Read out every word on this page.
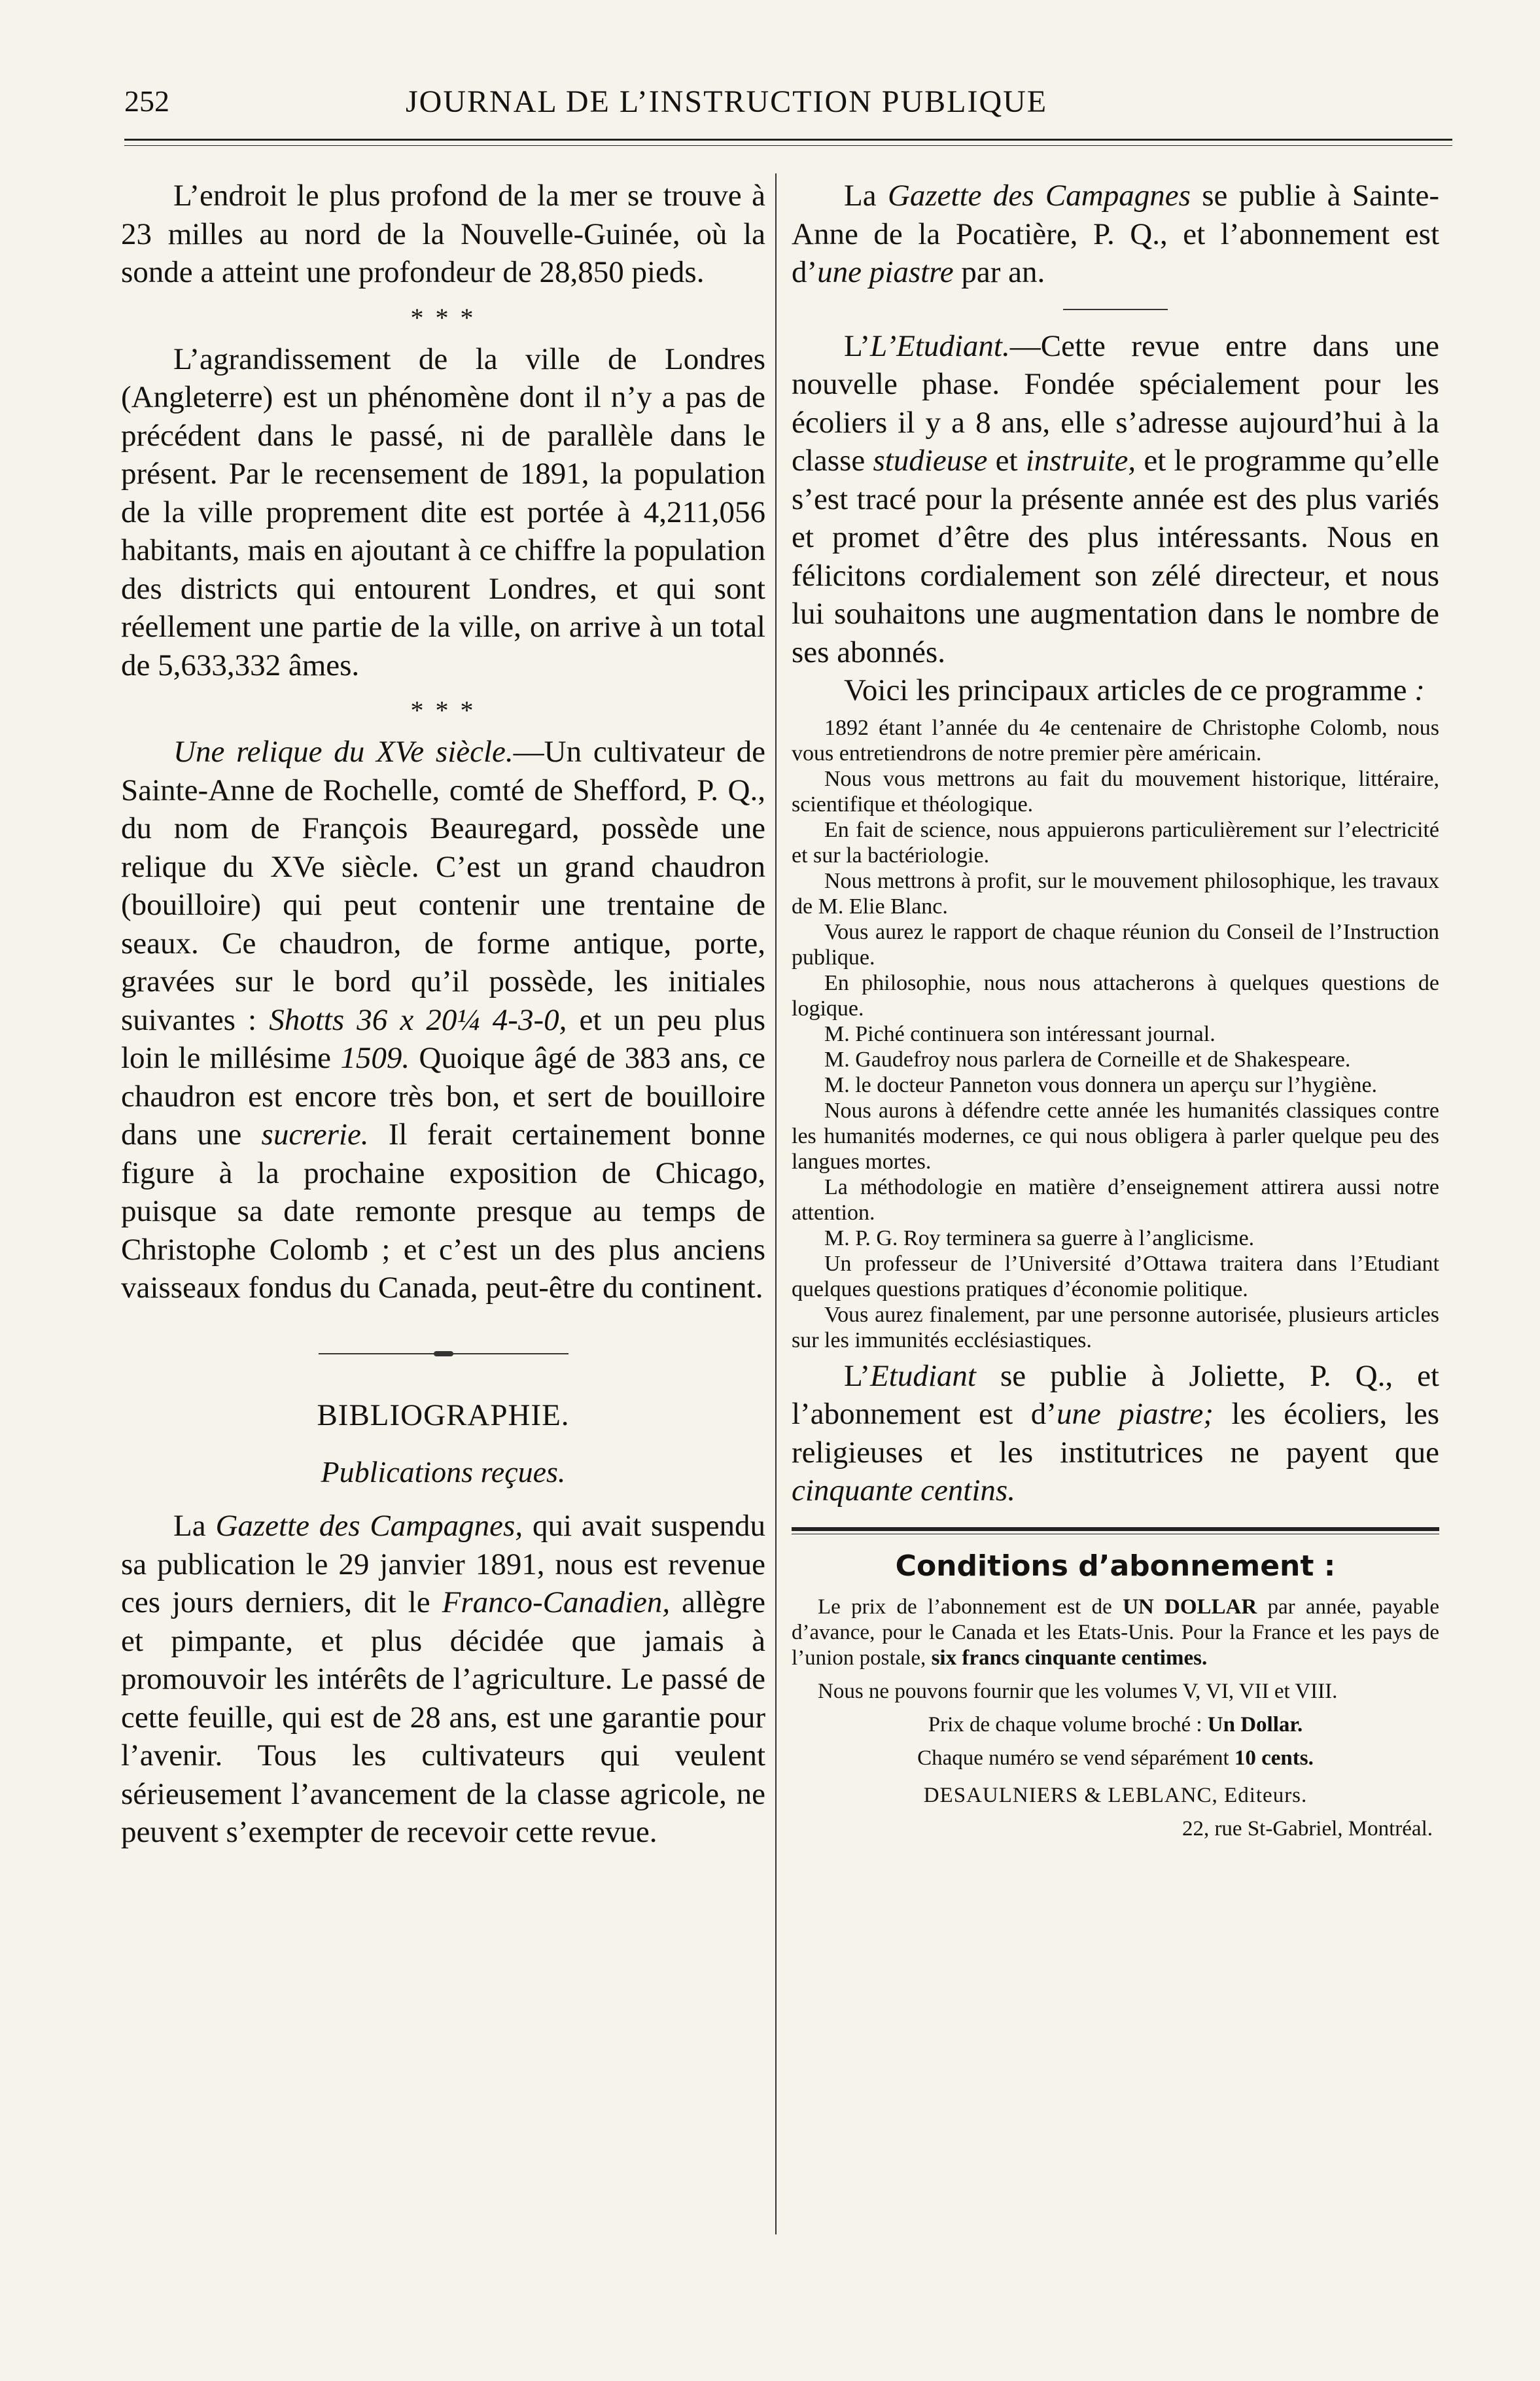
252	JOURNAL DE L’INSTRUCTION PUBLIQUE

L’endroit le plus profond de la mer se trouve à 23 milles au nord de la Nouvelle-Guinée, où la sonde a atteint une profondeur de 28,850 pieds.

* * *

L’agrandissement de la ville de Londres (Angleterre) est un phénomène dont il n’y a pas de précédent dans le passé, ni de parallèle dans le présent. Par le recensement de 1891, la population de la ville proprement dite est portée à 4,211,056 habitants, mais en ajoutant à ce chiffre la population des districts qui entourent Londres, et qui sont réellement une partie de la ville, on arrive à un total de 5,633,332 âmes.

* * *

Une relique du XVe siècle.—Un cultivateur de Sainte-Anne de Rochelle, comté de Shefford, P. Q., du nom de François Beauregard, possède une relique du XVe siècle. C’est un grand chaudron (bouilloire) qui peut contenir une trentaine de seaux. Ce chaudron, de forme antique, porte, gravées sur le bord qu’il possède, les initiales suivantes : Shotts 36 x 20¼ 4-3-0, et un peu plus loin le millésime 1509. Quoique âgé de 383 ans, ce chaudron est encore très bon, et sert de bouilloire dans une sucrerie. Il ferait certainement bonne figure à la prochaine exposition de Chicago, puisque sa date remonte presque au temps de Christophe Colomb ; et c’est un des plus anciens vaisseaux fondus du Canada, peut-être du continent.

BIBLIOGRAPHIE.
Publications reçues.

La Gazette des Campagnes, qui avait suspendu sa publication le 29 janvier 1891, nous est revenue ces jours derniers, dit le Franco-Canadien, allègre et pimpante, et plus décidée que jamais à promouvoir les intérêts de l’agriculture. Le passé de cette feuille, qui est de 28 ans, est une garantie pour l’avenir. Tous les cultivateurs qui veulent sérieusement l’avancement de la classe agricole, ne peuvent s’exempter de recevoir cette revue.

La Gazette des Campagnes se publie à Sainte-Anne de la Pocatière, P. Q., et l’abonnement est d’une piastre par an.

L’L’Etudiant.—Cette revue entre dans une nouvelle phase. Fondée spécialement pour les écoliers il y a 8 ans, elle s’adresse aujourd’hui à la classe studieuse et instruite, et le programme qu’elle s’est tracé pour la présente année est des plus variés et promet d’être des plus intéressants. Nous en félicitons cordialement son zélé directeur, et nous lui souhaitons une augmentation dans le nombre de ses abonnés.

Voici les principaux articles de ce programme :

1892 étant l’année du 4e centenaire de Christophe Colomb, nous vous entretiendrons de notre premier père américain.
Nous vous mettrons au fait du mouvement historique, littéraire, scientifique et théologique.
En fait de science, nous appuierons particulièrement sur l’electricité et sur la bactériologie.
Nous mettrons à profit, sur le mouvement philosophique, les travaux de M. Elie Blanc.
Vous aurez le rapport de chaque réunion du Conseil de l’Instruction publique.
En philosophie, nous nous attacherons à quelques questions de logique.
M. Piché continuera son intéressant journal.
M. Gaudefroy nous parlera de Corneille et de Shakespeare.
M. le docteur Panneton vous donnera un aperçu sur l’hygiène.
Nous aurons à défendre cette année les humanités classiques contre les humanités modernes, ce qui nous obligera à parler quelque peu des langues mortes.
La méthodologie en matière d’enseignement attirera aussi notre attention.
M. P. G. Roy terminera sa guerre à l’anglicisme.
Un professeur de l’Université d’Ottawa traitera dans l’Etudiant quelques questions pratiques d’économie politique.
Vous aurez finalement, par une personne autorisée, plusieurs articles sur les immunités ecclésiastiques.

L’Etudiant se publie à Joliette, P. Q., et l’abonnement est d’une piastre; les écoliers, les religieuses et les institutrices ne payent que cinquante centins.

Conditions d’abonnement :
Le prix de l’abonnement est de UN DOLLAR par année, payable d’avance, pour le Canada et les Etats-Unis. Pour la France et les pays de l’union postale, six francs cinquante centimes.
Nous ne pouvons fournir que les volumes V, VI, VII et VIII.
Prix de chaque volume broché : Un Dollar.
Chaque numéro se vend séparément 10 cents.
DESAULNIERS & LEBLANC, Editeurs.
22, rue St-Gabriel, Montréal.
